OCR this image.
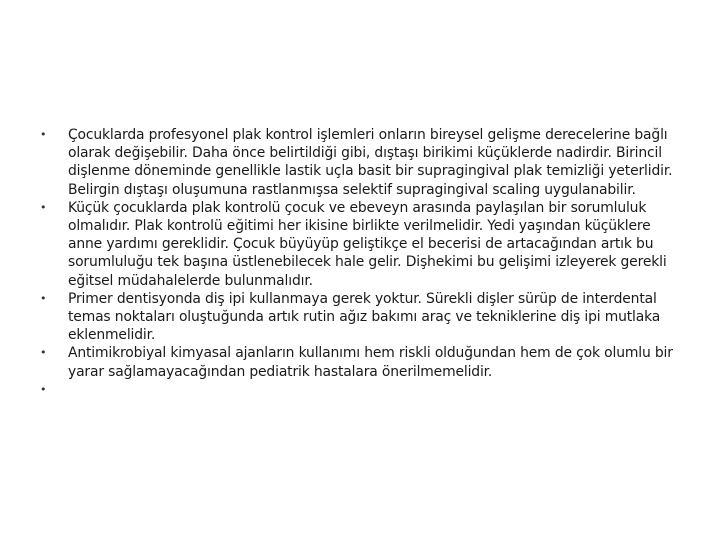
•	Çocuklarda profesyonel plak kontrol işlemleri onların bireysel gelişme derecelerine bağlı olarak değişebilir. Daha önce belirtildiği gibi, dıştaşı birikimi küçüklerde nadirdir. Birincil dişlenme döneminde genellikle lastik uçla basit bir supragingival plak temizliği yeterlidir. Belirgin dıştaşı oluşumuna rastlanmışsa selektif supragingival scaling uygulanabilir.
•	Küçük çocuklarda plak kontrolü çocuk ve ebeveyn arasında paylaşılan bir sorumluluk olmalıdır. Plak kontrolü eğitimi her ikisine birlikte verilmelidir. Yedi yaşından küçüklere anne yardımı gereklidir. Çocuk büyüyüp geliştikçe el becerisi de artacağından artık bu sorumluluğu tek başına üstlenebilecek hale gelir. Dişhekimi bu gelişimi izleyerek gerekli eğitsel müdahalelerde bulunmalıdır.
•	Primer dentisyonda diş ipi kullanmaya gerek yoktur. Sürekli dişler sürüp de interdental temas noktaları oluştuğunda artık rutin ağız bakımı araç ve tekniklerine diş ipi mutlaka eklenmelidir.
•	Antimikrobiyal kimyasal ajanların kullanımı hem riskli olduğundan hem de çok olumlu bir yarar sağlamayacağından pediatrik hastalara önerilmemelidir.
•
